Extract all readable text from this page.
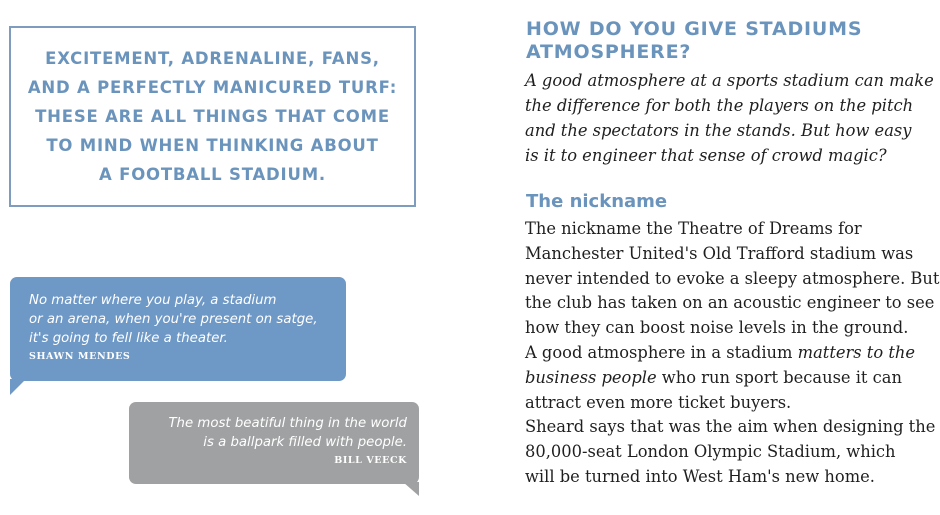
EXCITEMENT, ADRENALINE, FANS,
AND A PERFECTLY MANICURED TURF:
THESE ARE ALL THINGS THAT COME
TO MIND WHEN THINKING ABOUT
A FOOTBALL STADIUM.
No matter where you play, a stadium
or an arena, when you're present on satge,
it's going to fell like a theater.
SHAWN MENDES
The most beatiful thing in the world
is a ballpark filled with people.
BILL VEECK
HOW DO YOU GIVE STADIUMS
ATMOSPHERE?
A good atmosphere at a sports stadium can make
the difference for both the players on the pitch
and the spectators in the stands. But how easy
is it to engineer that sense of crowd magic?
The nickname
The nickname the Theatre of Dreams for
Manchester United's Old Trafford stadium was
never intended to evoke a sleepy atmosphere. But
the club has taken on an acoustic engineer to see
how they can boost noise levels in the ground.
A good atmosphere in a stadium matters to the
business people who run sport because it can
attract even more ticket buyers.
Sheard says that was the aim when designing the
80,000-seat London Olympic Stadium, which
will be turned into West Ham's new home.
